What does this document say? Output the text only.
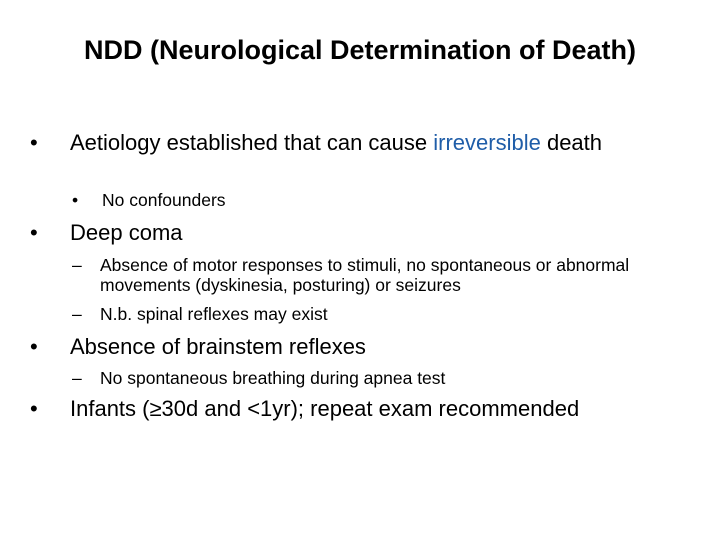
NDD (Neurological Determination of Death)
• Aetiology established that can cause irreversible death
• No confounders
• Deep coma
– Absence of motor responses to stimuli, no spontaneous or abnormal movements (dyskinesia, posturing) or seizures
– N.b. spinal reflexes may exist
• Absence of brainstem reflexes
– No spontaneous breathing during apnea test
• Infants (≥30d and <1yr); repeat exam recommended
